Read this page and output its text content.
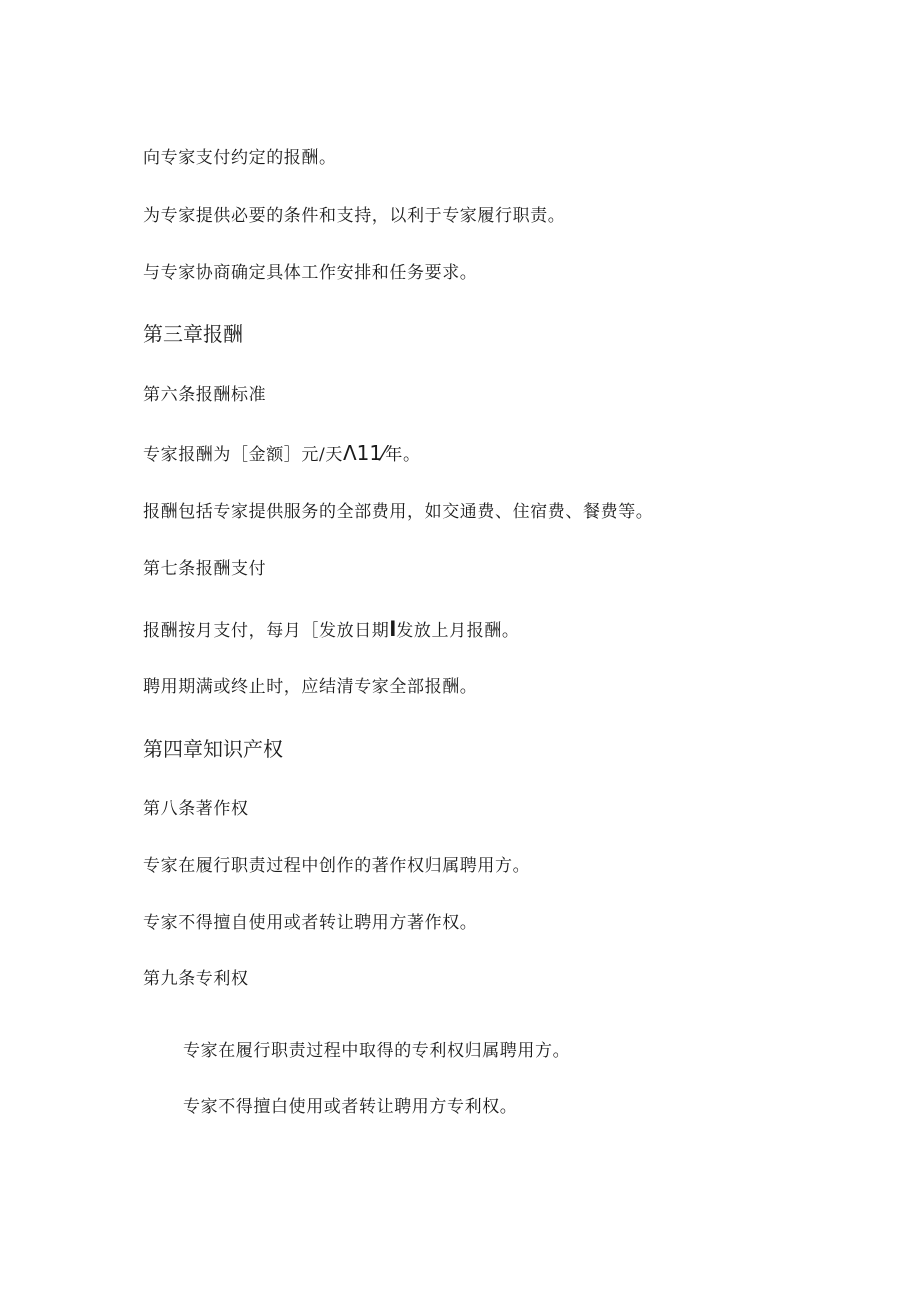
向专家支付约定的报酬。

为专家提供必要的条件和支持，以利于专家履行职责。

与专家协商确定具体工作安排和任务要求。

第三章报酬

第六条报酬标准

专家报酬为［金额］元/天Λ11⁄年。

报酬包括专家提供服务的全部费用，如交通费、住宿费、餐费等。

第七条报酬支付

报酬按月支付，每月［发放日期l发放上月报酬。

聘用期满或终止时，应结清专家全部报酬。

第四章知识产权

第八条著作权

专家在履行职责过程中创作的著作权归属聘用方。

专家不得擅自使用或者转让聘用方著作权。

第九条专利权

专家在履行职责过程中取得的专利权归属聘用方。

专家不得擅白使用或者转让聘用方专利权。
